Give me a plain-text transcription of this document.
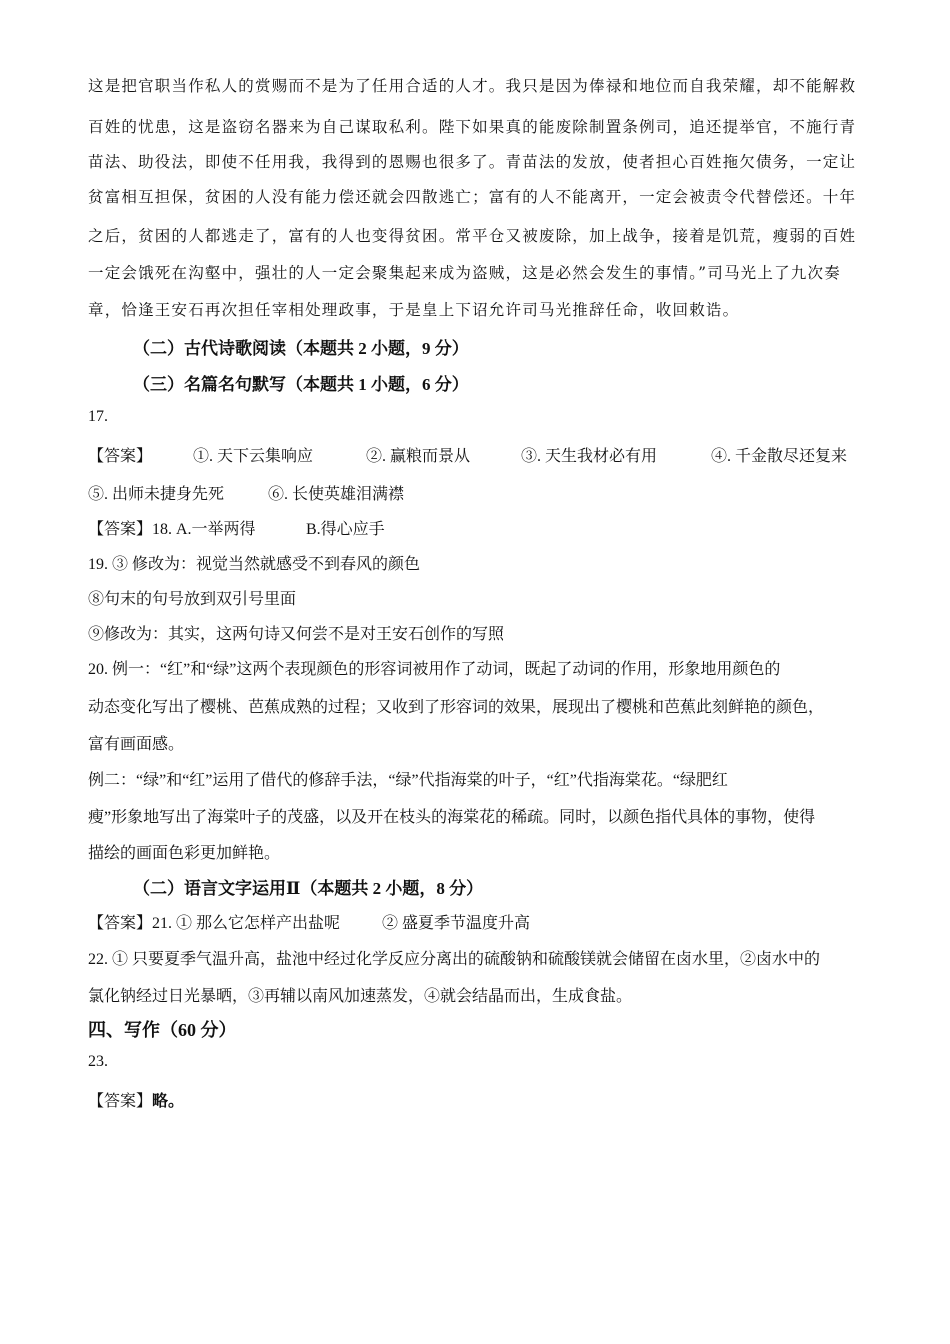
这是把官职当作私人的赏赐而不是为了任用合适的人才。我只是因为俸禄和地位而自我荣耀，却不能解救
百姓的忧患，这是盗窃名器来为自己谋取私利。陛下如果真的能废除制置条例司，追还提举官，不施行青
苗法、助役法，即使不任用我，我得到的恩赐也很多了。青苗法的发放，使者担心百姓拖欠债务，一定让
贫富相互担保，贫困的人没有能力偿还就会四散逃亡；富有的人不能离开，一定会被责令代替偿还。十年
之后，贫困的人都逃走了，富有的人也变得贫困。常平仓又被废除，加上战争，接着是饥荒，瘦弱的百姓
一定会饿死在沟壑中，强壮的人一定会聚集起来成为盗贼，这是必然会发生的事情。”司马光上了九次奏
章，恰逢王安石再次担任宰相处理政事，于是皇上下诏允许司马光推辞任命，收回敕诰。
（二）古代诗歌阅读（本题共 2 小题，9 分）
（三）名篇名句默写（本题共 1 小题，6 分）
17.
【答案】	①. 天下云集响应	②. 赢粮而景从	③. 天生我材必有用	④. 千金散尽还复来
⑤. 出师未捷身先死	⑥. 长使英雄泪满襟
【答案】18. A.一举两得	B.得心应手
19. ③ 修改为：视觉当然就感受不到春风的颜色
⑧句末的句号放到双引号里面
⑨修改为：其实，这两句诗又何尝不是对王安石创作的写照
20. 例一：“红”和“绿”这两个表现颜色的形容词被用作了动词，既起了动词的作用，形象地用颜色的
动态变化写出了樱桃、芭蕉成熟的过程；又收到了形容词的效果，展现出了樱桃和芭蕉此刻鲜艳的颜色，
富有画面感。
例二：“绿”和“红”运用了借代的修辞手法，“绿”代指海棠的叶子，“红”代指海棠花。“绿肥红
瘦”形象地写出了海棠叶子的茂盛，以及开在枝头的海棠花的稀疏。同时，以颜色指代具体的事物，使得
描绘的画面色彩更加鲜艳。
（二）语言文字运用Ⅱ（本题共 2 小题，8 分）
【答案】21. ① 那么它怎样产出盐呢	② 盛夏季节温度升高
22. ① 只要夏季气温升高，盐池中经过化学反应分离出的硫酸钠和硫酸镁就会储留在卤水里，②卤水中的
氯化钠经过日光暴晒，③再辅以南风加速蒸发，④就会结晶而出，生成食盐。
四、写作（60 分）
23.
【答案】略。
